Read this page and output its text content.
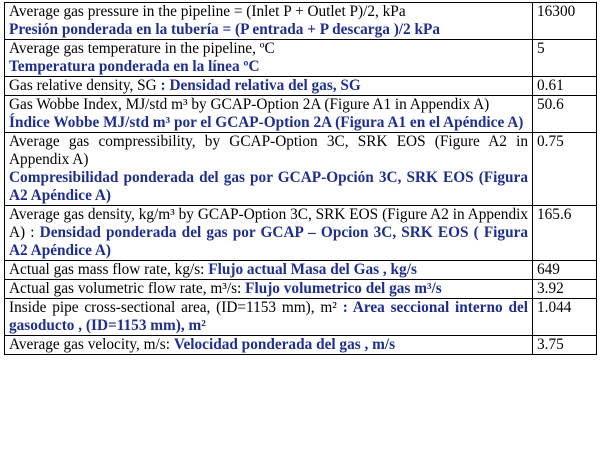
Average gas pressure in the pipeline = (Inlet P + Outlet P)/2, kPa
Presión ponderada en la tubería = (P entrada + P descarga )/2 kPa	16300

Average gas temperature in the pipeline, ºC
Temperatura ponderada en la línea ºC	5
Gas relative density, SG : Densidad relativa del gas, SG	0.61

Gas Wobbe Index, MJ/std m³ by GCAP-Option 2A (Figure A1 in Appendix A)
Índice Wobbe MJ/std m³ por el GCAP-Option 2A (Figura A1 en el Apéndice A)	50.6

Average gas compressibility, by GCAP-Option 3C, SRK EOS (Figure A2 in Appendix A)
Compresibilidad ponderada del gas por GCAP-Opción 3C, SRK EOS (Figura A2 Apéndice A)	0.75
Average gas density, kg/m³ by GCAP-Option 3C, SRK EOS (Figure A2 in Appendix A) : Densidad ponderada del gas por GCAP – Opcion 3C, SRK EOS ( Figura A2 Apéndice A)	165.6
Actual gas mass flow rate, kg/s: Flujo actual Masa del Gas , kg/s	649
Actual gas volumetric flow rate, m³/s: Flujo volumetrico del gas m³/s	3.92
Inside pipe cross-sectional area, (ID=1153 mm), m² : Area seccional interno del gasoducto , (ID=1153 mm), m²	1.044
Average gas velocity, m/s: Velocidad ponderada del gas , m/s	3.75
